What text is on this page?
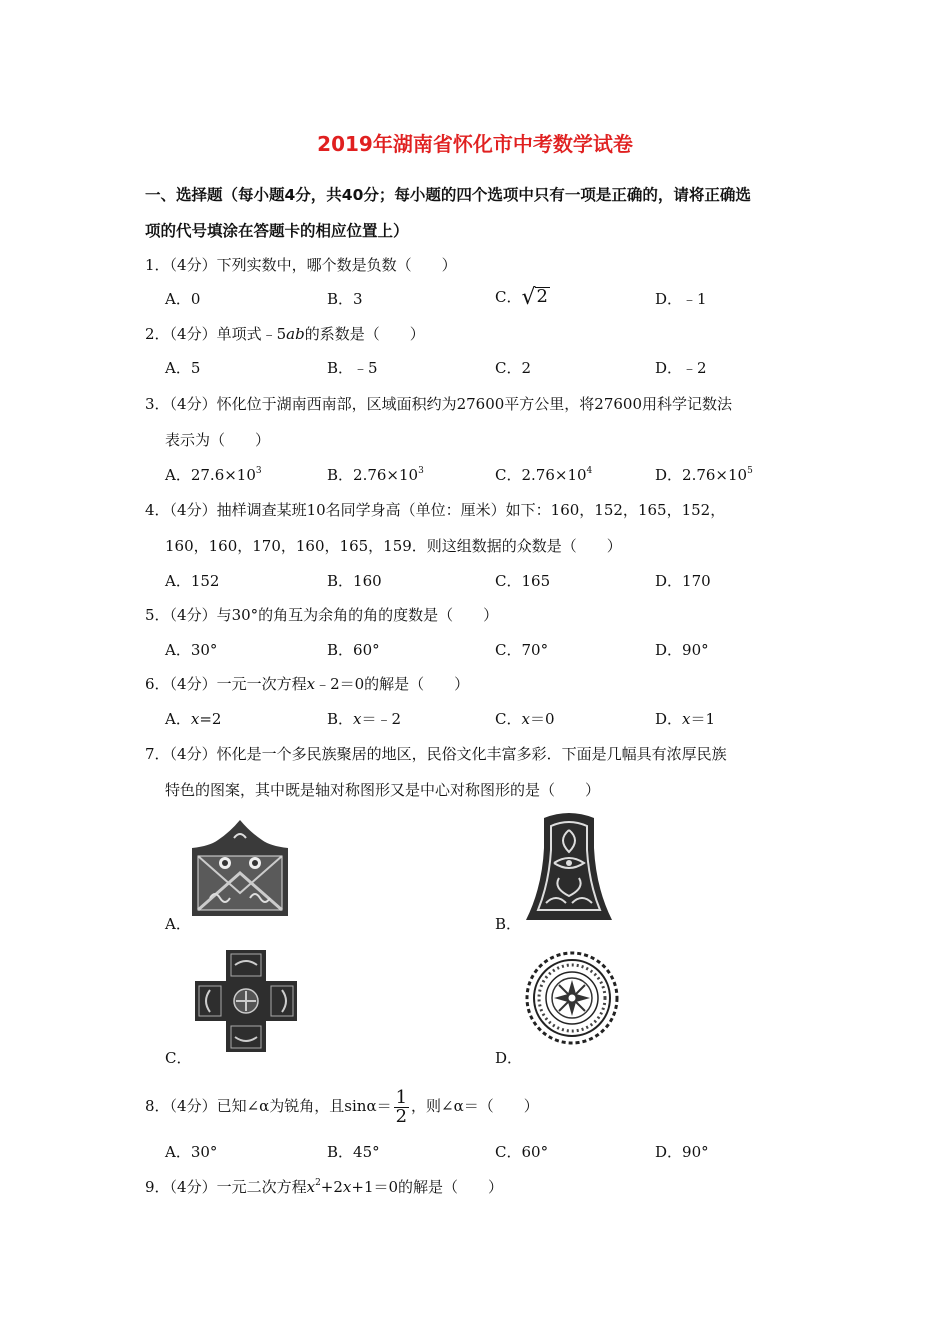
2019年湖南省怀化市中考数学试卷
一、选择题（每小题4分，共40分；每小题的四个选项中只有一项是正确的，请将正确选
项的代号填涂在答题卡的相应位置上）
1．（4分）下列实数中，哪个数是负数（　　）
A．0	B．3	C．√2	D．﹣1
2．（4分）单项式﹣5ab的系数是（　　）
A．5	B．﹣5	C．2	D．﹣2
3．（4分）怀化位于湖南西南部，区域面积约为27600平方公里，将27600用科学记数法
表示为（　　）
A．$27.6\times 10^3$	B．$2.76\times 10^3$	C．$2.76\times 10^4$	D．$2.76\times 10^5$
4．（4分）抽样调查某班10名同学身高（单位：厘米）如下：160，152，165，152，
160，160，170，160，165，159．则这组数据的众数是（　　）
A．152	B．160	C．165	D．170
5．（4分）与30°的角互为余角的角的度数是（　　）
A．30°	B．60°	C．70°	D．90°
6．（4分）一元一次方程x﹣2＝0的解是（　　）
A．x=2	B．x＝﹣2	C．x＝0	D．x＝1
7．（4分）怀化是一个多民族聚居的地区，民俗文化丰富多彩．下面是几幅具有浓厚民族
特色的图案，其中既是轴对称图形又是中心对称图形的是（　　）
A．	B．
C．	D．
8．（4分）已知∠α为锐角，且$\sin\alpha= \frac{1}{2}$ ，则∠α＝（　　）
A．30°	B．45°	C．60°	D．90°
9．（4分）一元二次方程$x^2+2x+1=0$的解是（　　）
